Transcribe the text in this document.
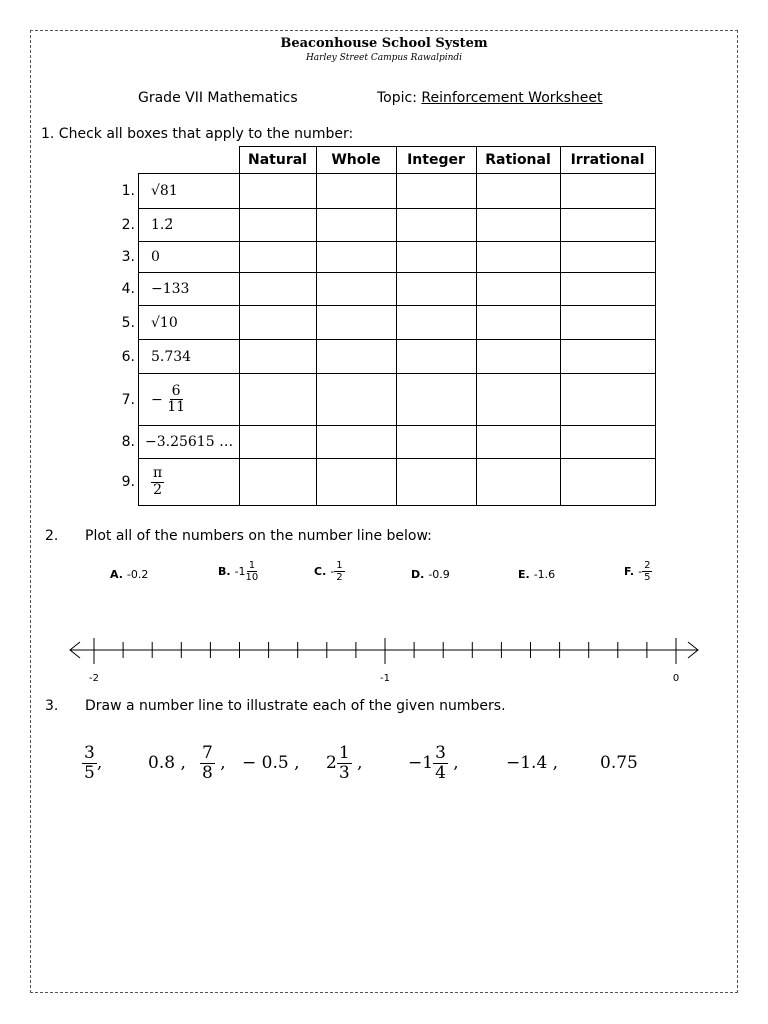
Beaconhouse School System
Harley Street Campus Rawalpindi
Grade VII Mathematics	Topic: Reinforcement Worksheet
1. Check all boxes that apply to the number:
		Natural	Whole	Integer	Rational	Irrational
1.	√81					
2.	1.2̄					
3.	0					
4.	−133					
5.	√10					
6.	5.734					
7.	− $\frac{6}{11}$

8.	−3.25615 …					
9.	$\frac{\pi}{2}$

2. Plot all of the numbers on the number line below:
A. -0.2	B. $-1 \frac{1}{10}$	C. - $\frac{1}{2}$	D. -0.9	E. -1.6	F. - $\frac{2}{5}$
-2	-1	0
3. Draw a number line to illustrate each of the given numbers.
$\frac{3}{5}$ ,	0.8 , $\frac{7}{8}$
, − 0.5 , $2 \frac{1}{3}$
,	$-1 \frac{3}{4}$
,	−1.4 , 0.75
